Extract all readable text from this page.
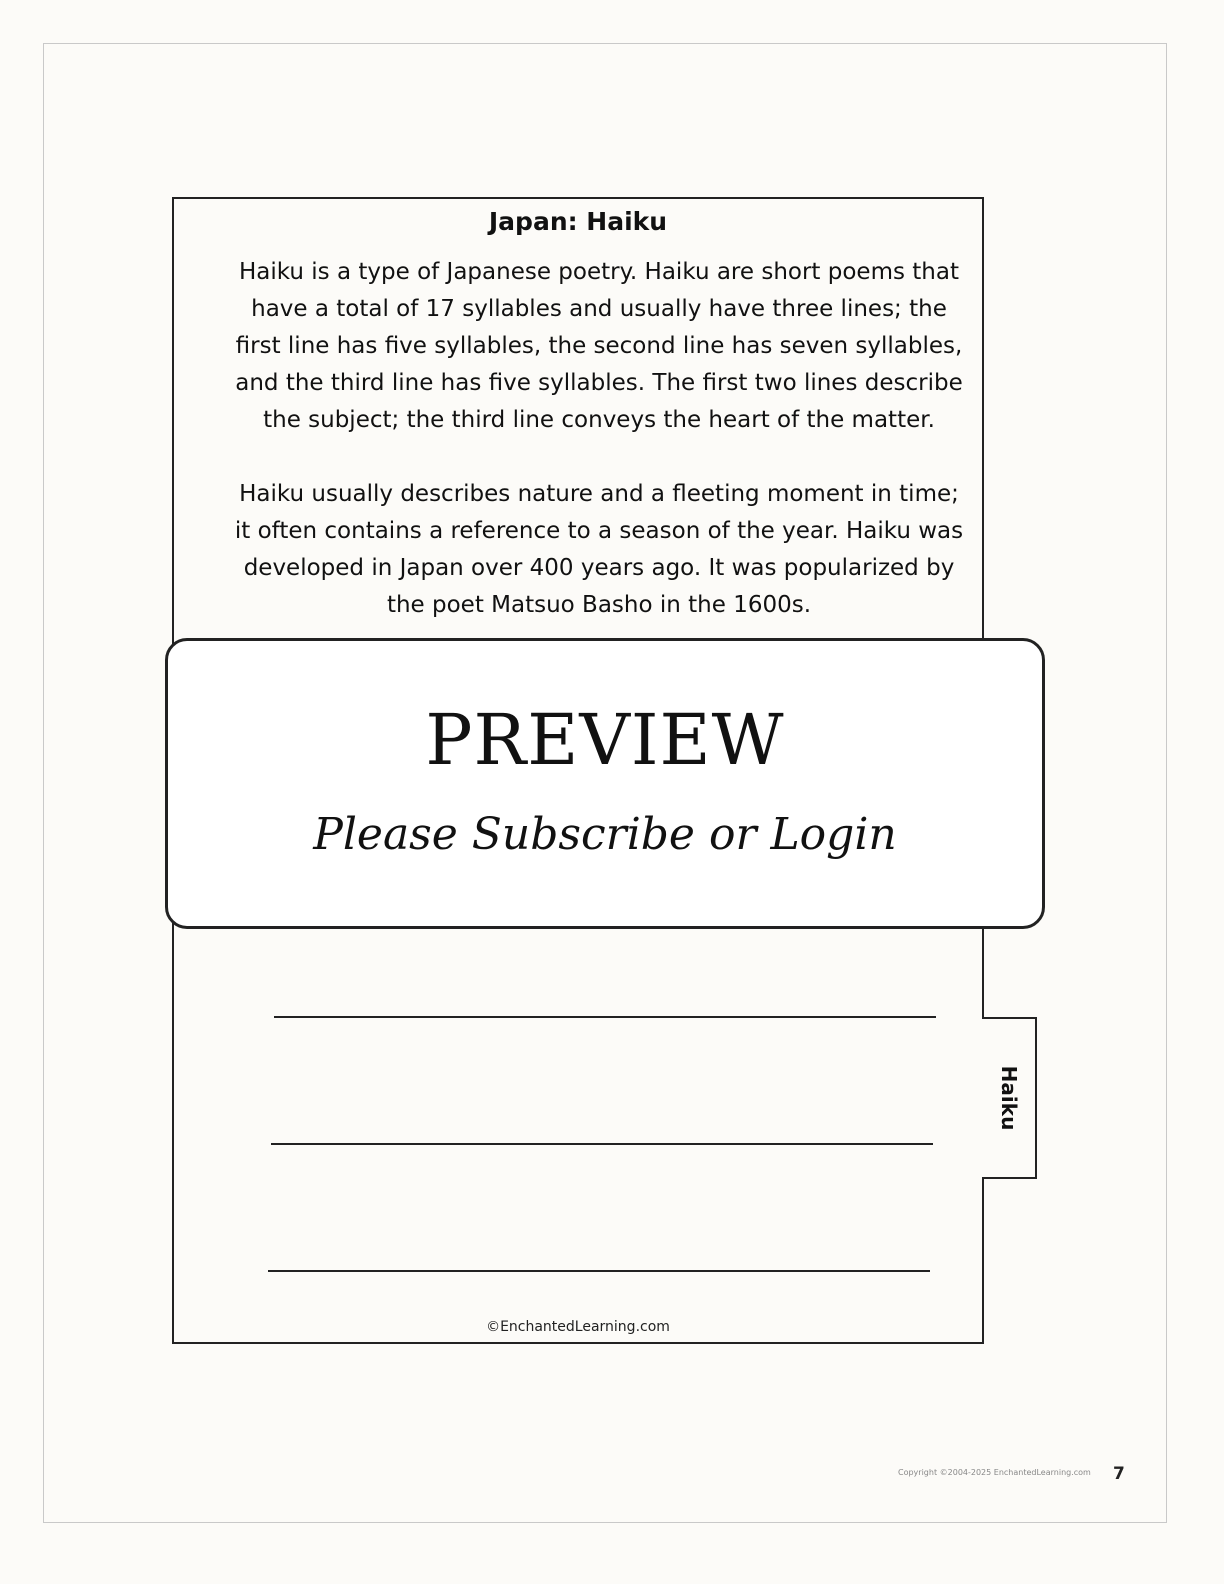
Japan: Haiku

Haiku is a type of Japanese poetry. Haiku are short poems that have a total of 17 syllables and usually have three lines; the first line has five syllables, the second line has seven syllables, and the third line has five syllables. The first two lines describe the subject; the third line conveys the heart of the matter.

Haiku usually describes nature and a fleeting moment in time; it often contains a reference to a season of the year. Haiku was developed in Japan over 400 years ago. It was popularized by the poet Matsuo Basho in the 1600s.

©EnchantedLearning.com
Haiku
PREVIEW
Please Subscribe or Login
Copyright ©2004-2025 EnchantedLearning.com 7
